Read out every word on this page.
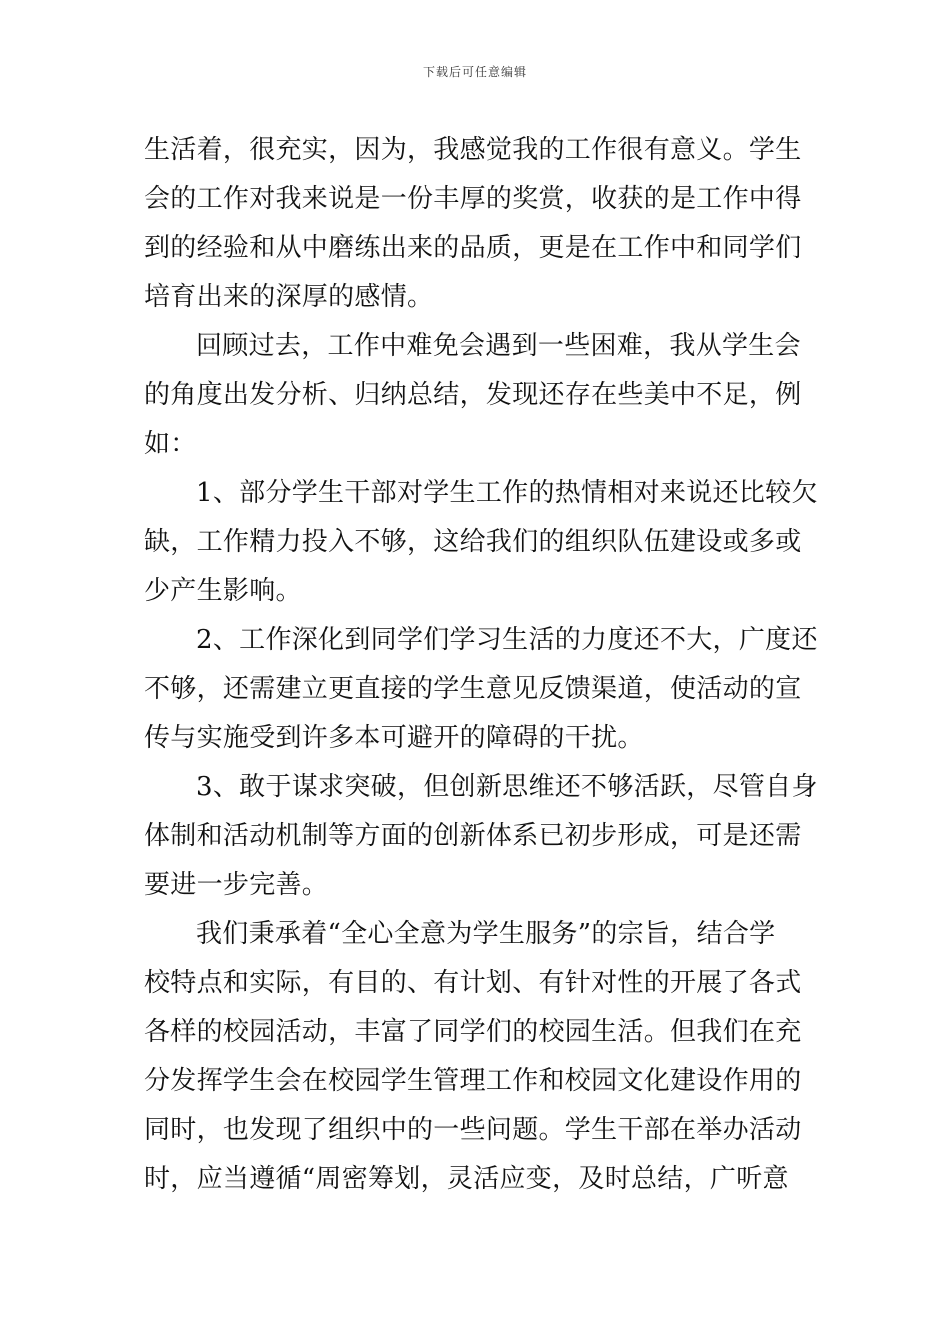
下载后可任意编辑
生活着，很充实，因为，我感觉我的工作很有意义。学生
会的工作对我来说是一份丰厚的奖赏，收获的是工作中得
到的经验和从中磨练出来的品质，更是在工作中和同学们
培育出来的深厚的感情。
回顾过去，工作中难免会遇到一些困难，我从学生会
的角度出发分析、归纳总结，发现还存在些美中不足，例
如：
1、部分学生干部对学生工作的热情相对来说还比较欠
缺，工作精力投入不够，这给我们的组织队伍建设或多或
少产生影响。
2、工作深化到同学们学习生活的力度还不大，广度还
不够，还需建立更直接的学生意见反馈渠道，使活动的宣
传与实施受到许多本可避开的障碍的干扰。
3、敢于谋求突破，但创新思维还不够活跃，尽管自身
体制和活动机制等方面的创新体系已初步形成，可是还需
要进一步完善。
我们秉承着“全心全意为学生服务”的宗旨，结合学
校特点和实际，有目的、有计划、有针对性的开展了各式
各样的校园活动，丰富了同学们的校园生活。但我们在充
分发挥学生会在校园学生管理工作和校园文化建设作用的
同时，也发现了组织中的一些问题。学生干部在举办活动
时，应当遵循“周密筹划，灵活应变，及时总结，广听意
